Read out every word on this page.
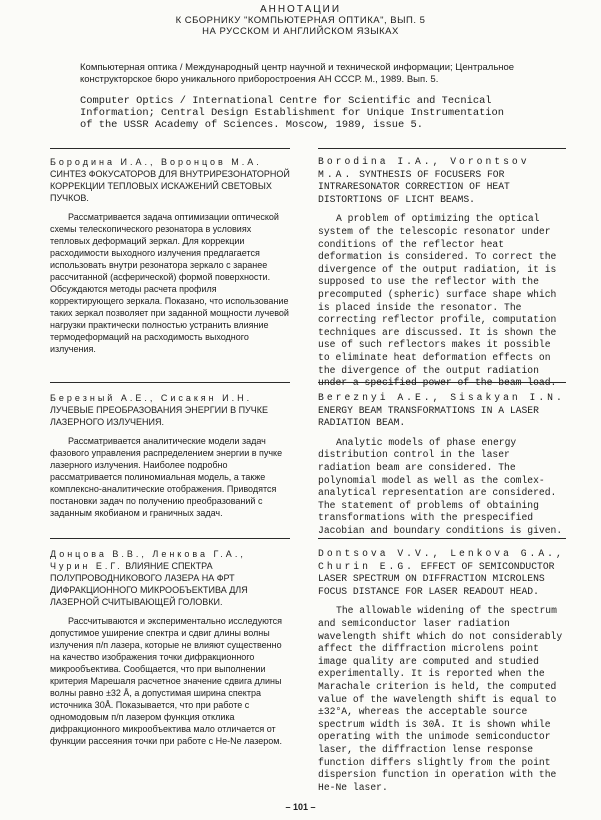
АННОТАЦИИ
К СБОРНИКУ "КОМПЬЮТЕРНАЯ ОПТИКА", ВЫП. 5
НА РУССКОМ И АНГЛИЙСКОМ ЯЗЫКАХ
Компьютерная оптика / Международный центр научной и технической информации; Центральное конструкторское бюро уникального приборостроения АН СССР. М., 1989. Вып. 5.
Computer Optics / International Centre for Scientific and Tecnical Information; Central Design Establishment for Unique Instrumentation of the USSR Academy of Sciences. Moscow, 1989, issue 5.
Бородина И.А., Воронцов М.А. СИНТЕЗ ФОКУСАТОРОВ ДЛЯ ВНУТРИРЕЗОНАТОРНОЙ КОРРЕКЦИИ ТЕПЛОВЫХ ИСКАЖЕНИЙ СВЕТОВЫХ ПУЧКОВ.

Рассматривается задача оптимизации оптической схемы телескопического резонатора в условиях тепловых деформаций зеркал. Для коррекции расходимости выходного излучения предлагается использовать внутри резонатора зеркало с заранее рассчитанной (асферической) формой поверхности. Обсуждаются методы расчета профиля корректирующего зеркала. Показано, что использование таких зеркал позволяет при заданной мощности лучевой нагрузки практически полностью устранить влияние термодеформаций на расходимость выходного излучения.

Borodina I.A., Vorontsov M.A. SYNTHESIS OF FOCUSERS FOR INTRARESONATOR CORRECTION OF HEAT DISTORTIONS OF LICHT BEAMS.

A problem of optimizing the optical system of the telescopic resonator under conditions of the reflector heat deformation is considered. To correct the divergence of the output radiation, it is supposed to use the reflector with the precomputed (spheric) surface shape which is placed inside the resonator. The correcting reflector profile, computation techniques are discussed. It is shown the use of such reflectors makes it possible to eliminate heat deformation effects on the divergence of the output radiation under a specified power of the beam load.

Березный А.Е., Сисакян И.Н. ЛУЧЕВЫЕ ПРЕОБРАЗОВАНИЯ ЭНЕРГИИ В ПУЧКЕ ЛАЗЕРНОГО ИЗЛУЧЕНИЯ.

Рассматривается аналитические модели задач фазового управления распределением энергии в пучке лазерного излучения. Наиболее подробно рассматривается полиномиальная модель, а также комплексно-аналитические отображения. Приводятся постановки задач по получению преобразований с заданным якобианом и граничных задач.

Bereznyi A.E., Sisakyan I.N. ENERGY BEAM TRANSFORMATIONS IN A LASER RADIATION BEAM.

Analytic models of phase energy distribution control in the laser radiation beam are considered. The polynomial model as well as the comlex-analytical representation are considered. The statement of problems of obtaining transformations with the prespecified Jacobian and boundary conditions is given.

Донцова В.В., Ленкова Г.А., Чурин Е.Г. ВЛИЯНИЕ СПЕКТРА ПОЛУПРОВОДНИКОВОГО ЛАЗЕРА НА ФРТ ДИФРАКЦИОННОГО МИКРООБЪЕКТИВА ДЛЯ ЛАЗЕРНОЙ СЧИТЫВАЮЩЕЙ ГОЛОВКИ.

Рассчитываются и экспериментально исследуются допустимое уширение спектра и сдвиг длины волны излучения п/п лазера, которые не влияют существенно на качество изображения точки дифракционного микрообъектива. Сообщается, что при выполнении критерия Марешаля расчетное значение сдвига длины волны равно ±32 Å, а допустимая ширина спектра источника 30Å. Показывается, что при работе с одномодовым п/п лазером функция отклика дифракционного микрообъектива мало отличается от функции рассеяния точки при работе с He-Ne лазером.

Dontsova V.V., Lenkova G.A., Churin E.G. EFFECT OF SEMICONDUCTOR LASER SPECTRUM ON DIFFRACTION MICROLENS FOCUS DISTANCE FOR LASER READOUT HEAD.

The allowable widening of the spectrum and semiconductor laser radiation wavelength shift which do not considerably affect the diffraction microlens point image quality are computed and studied experimentally. It is reported when the Marachale criterion is held, the computed value of the wavelength shift is equal to ±32°A, whereas the acceptable source spectrum width is 30Å. It is shown while operating with the unimode semiconductor laser, the diffraction lense response function differs slightly from the point dispersion function in operation with the He-Ne laser.

– 101 –
